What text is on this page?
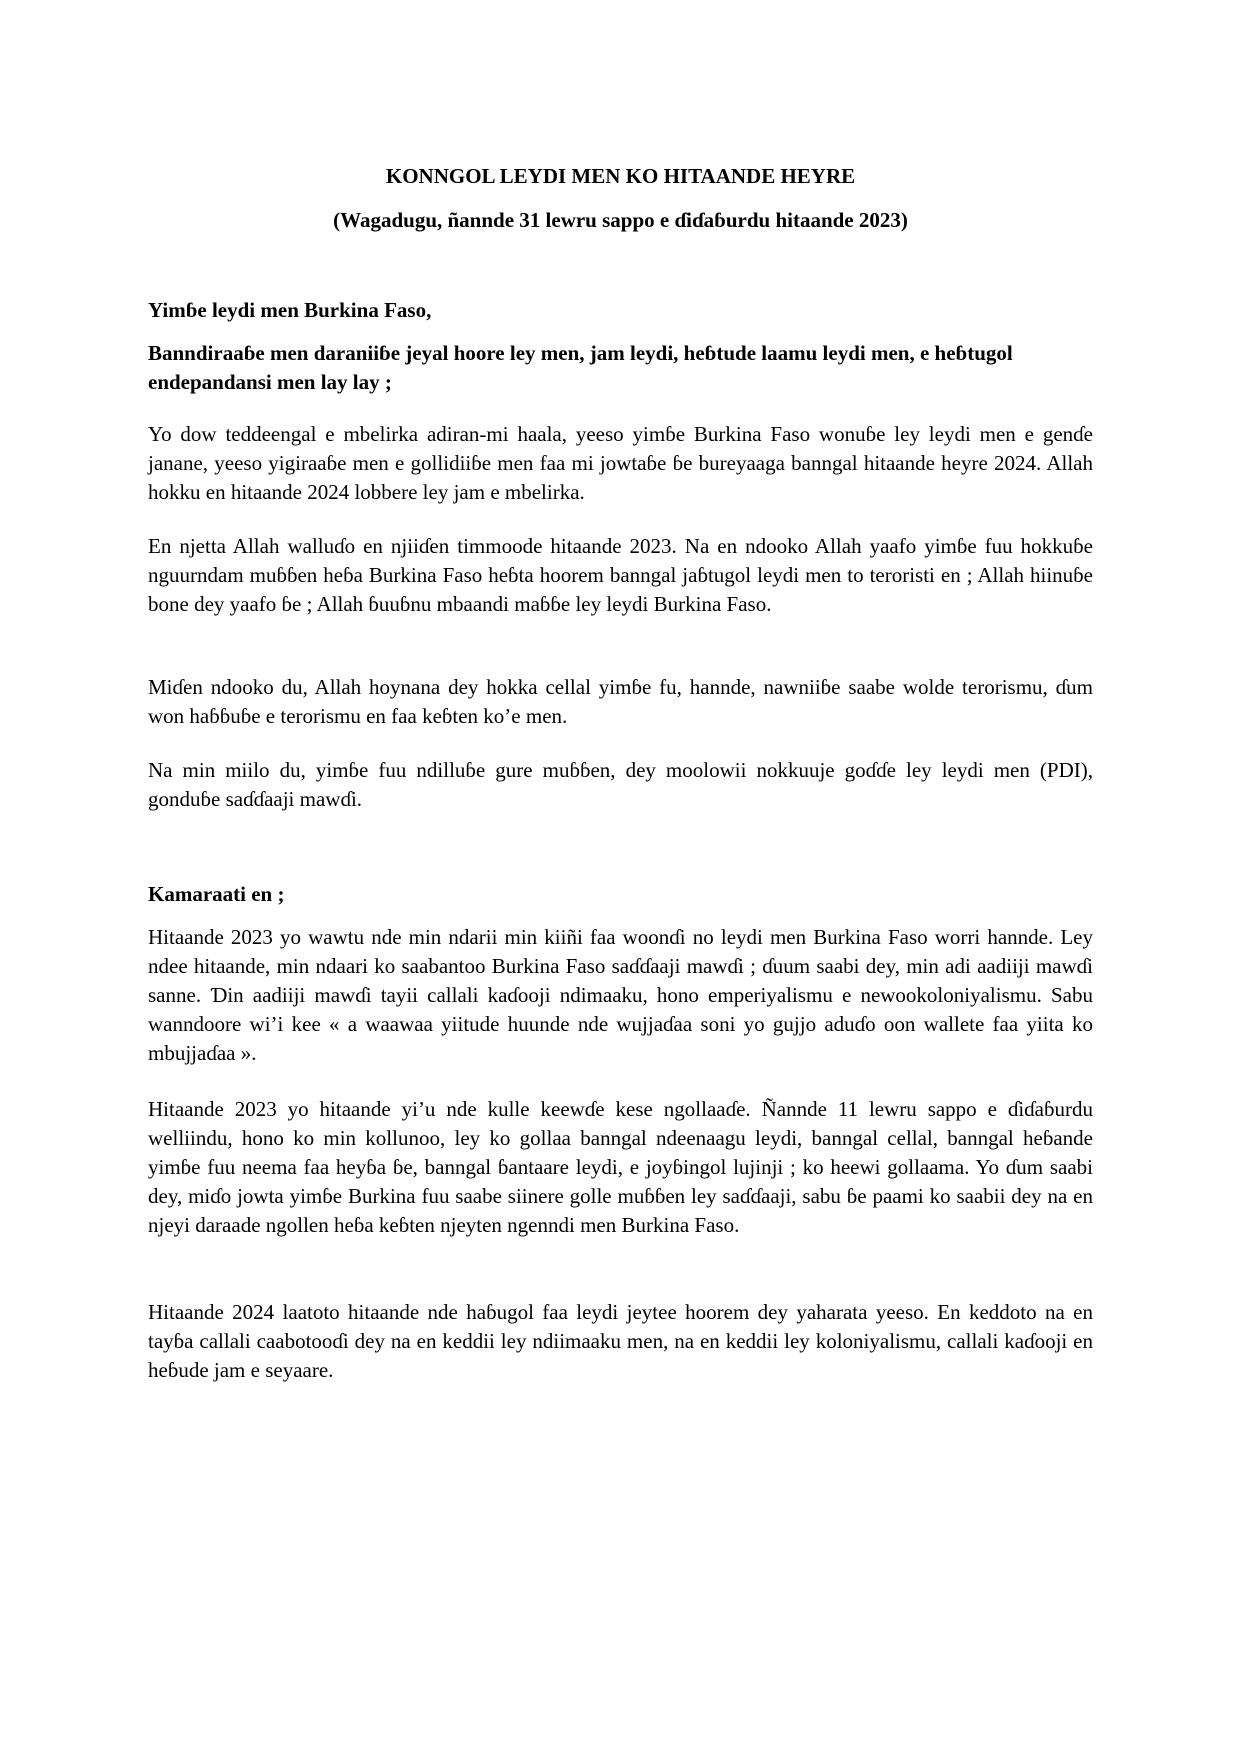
KONNGOL LEYDI MEN KO HITAANDE HEYRE

(Wagadugu, ñannde 31 lewru sappo e ɗiɗaɓurdu hitaande 2023)

Yimɓe leydi men Burkina Faso,

Banndiraaɓe men daraniiɓe jeyal hoore ley men, jam leydi, heɓtude laamu leydi men, e heɓtugol endepandansi men lay lay ;

Yo dow teddeengal e mbelirka adiran-mi haala, yeeso yimɓe Burkina Faso wonuɓe ley leydi men e genɗe janane, yeeso yigiraaɓe men e gollidiiɓe men faa mi jowtaɓe ɓe bureyaaga banngal hitaande heyre 2024. Allah hokku en hitaande 2024 lobbere ley jam e mbelirka.

En njetta Allah walluɗo en njiiɗen timmoode hitaande 2023. Na en ndooko Allah yaafo yimɓe fuu hokkuɓe nguurndam muɓɓen heɓa Burkina Faso heɓta hoorem banngal jaɓtugol leydi men to teroristi en ; Allah hiinuɓe bone dey yaafo ɓe ; Allah ɓuuɓnu mbaandi maɓɓe ley leydi Burkina Faso.

Miɗen ndooko du, Allah hoynana dey hokka cellal yimɓe fu, hannde, nawniiɓe saabe wolde terorismu, ɗum won haɓɓuɓe e terorismu en faa keɓten ko’e men.

Na min miilo du, yimɓe fuu ndilluɓe gure muɓɓen, dey moolowii nokkuuje goɗɗe ley leydi men (PDI), gonduɓe saɗɗaaji mawɗi.

Kamaraati en ;

Hitaande 2023 yo wawtu nde min ndarii min kiiñi faa woonɗi no leydi men Burkina Faso worri hannde. Ley ndee hitaande, min ndaari ko saabantoo Burkina Faso saɗɗaaji mawɗi ; ɗuum saabi dey, min adi aadiiji mawɗi sanne. Ɗin aadiiji mawɗi tayii callali kaɗooji ndimaaku, hono emperiyalismu e newookoloniyalismu. Sabu wanndoore wi’i kee « a waawaa yiitude huunde nde wujjaɗaa soni yo gujjo aduɗo oon wallete faa yiita ko mbujjaɗaa ».

Hitaande 2023 yo hitaande yi’u nde kulle keewɗe kese ngollaaɗe. Ñannde 11 lewru sappo e ɗiɗaɓurdu welliindu, hono ko min kollunoo, ley ko gollaa banngal ndeenaagu leydi, banngal cellal, banngal heɓande yimɓe fuu neema faa heyɓa ɓe, banngal ɓantaare leydi, e joyɓingol lujinji ; ko heewi gollaama. Yo ɗum saabi dey, miɗo jowta yimɓe Burkina fuu saabe siinere golle muɓɓen ley saɗɗaaji, sabu ɓe paami ko saabii dey na en njeyi daraade ngollen heɓa keɓten njeyten ngenndi men Burkina Faso.

Hitaande 2024 laatoto hitaande nde haɓugol faa leydi jeytee hoorem dey yaharata yeeso. En keddoto na en tayɓa callali caabotooɗi dey na en keddii ley ndiimaaku men, na en keddii ley koloniyalismu, callali kaɗooji en heɓude jam e seyaare.
